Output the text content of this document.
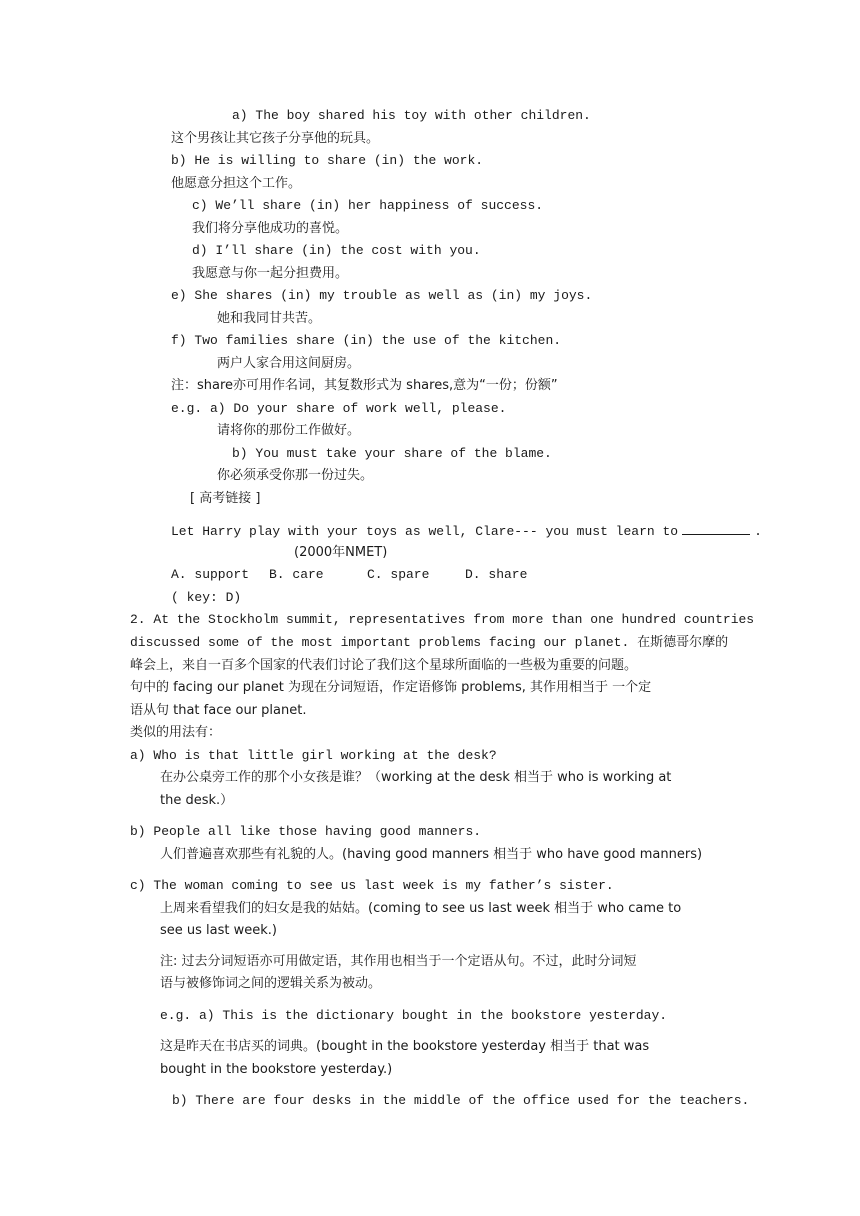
a) The boy shared his toy with other children.
这个男孩让其它孩子分享他的玩具。
b) He is willing to share (in) the work.
他愿意分担这个工作。
c) We’ll share (in) her happiness of success.
我们将分享他成功的喜悦。
d) I’ll share (in) the cost with you.
我愿意与你一起分担费用。
e) She shares (in) my trouble as well as (in) my joys.
她和我同甘共苦。
f) Two families share (in) the use of the kitchen.
两户人家合用这间厨房。
注：share亦可用作名词，其复数形式为 shares,意为“一份；份额”
e.g. a) Do your share of work well, please.
请将你的那份工作做好。
b) You must take your share of the blame.
你必须承受你那一份过失。
[ 高考链接 ]
Let Harry play with your toys as well, Clare--- you must learn to	.
(2000年NMET)
A. support B. care	C. spare	D. share
( key: D)
2. At the Stockholm summit, representatives from more than one hundred countries
discussed some of the most important problems facing our planet. 在斯德哥尔摩的
峰会上，来自一百多个国家的代表们讨论了我们这个星球所面临的一些极为重要的问题。
句中的 facing our planet 为现在分词短语，作定语修饰 problems, 其作用相当于 一个定
语从句 that face our planet.
类似的用法有：
a) Who is that little girl working at the desk?
在办公桌旁工作的那个小女孩是谁？（working at the desk 相当于 who is working at
the desk.）
b) People all like those having good manners.
人们普遍喜欢那些有礼貌的人。(having good manners 相当于 who have good manners)
c) The woman coming to see us last week is my father’s sister.
上周来看望我们的妇女是我的姑姑。(coming to see us last week 相当于 who came to
see us last week.)
注: 过去分词短语亦可用做定语，其作用也相当于一个定语从句。不过，此时分词短
语与被修饰词之间的逻辑关系为被动。
e.g. a) This is the dictionary bought in the bookstore yesterday.
这是昨天在书店买的词典。(bought in the bookstore yesterday 相当于 that was
bought in the bookstore yesterday.)
b) There are four desks in the middle of the office used for the teachers.
